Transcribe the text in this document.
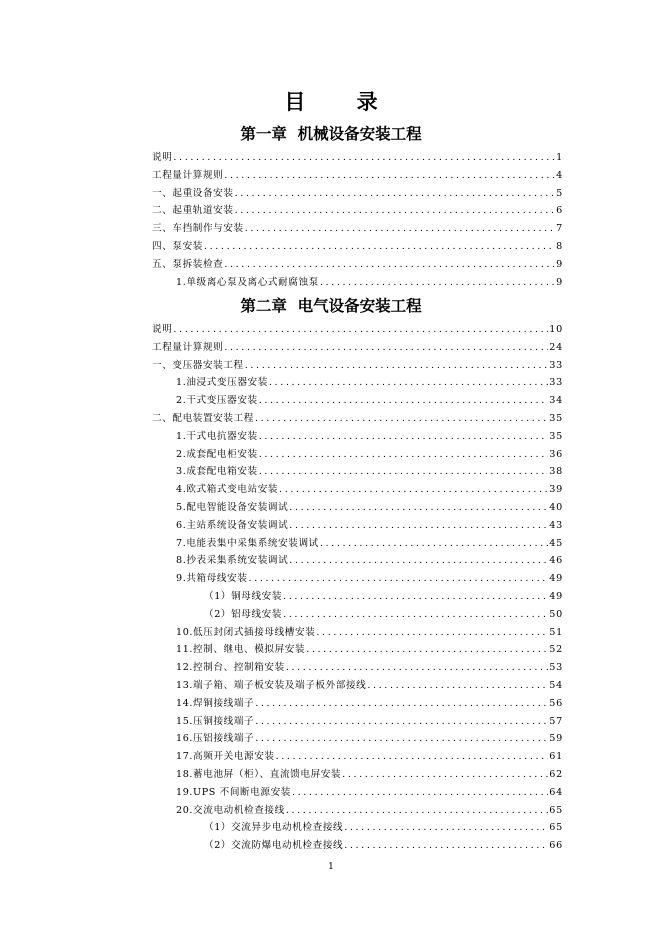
目 录
第一章  机械设备安装工程
说明 .....	1
工程量计算规则 .....	4
一、起重设备安装 .....	5
二、起重轨道安装 .....	6
三、车挡制作与安装 .....	7
四、泵安装 .....	8
五、泵拆装检查 .....	9
1.单级离心泵及离心式耐腐蚀泵 .....	9
第二章  电气设备安装工程
说明 .....	10
工程量计算规则 .....	24
一、变压器安装工程 .....	33
1.油浸式变压器安装 .....	33
2.干式变压器安装 .....	34
二、配电装置安装工程 .....	35
1.干式电抗器安装 .....	35
2.成套配电柜安装 .....	36
3.成套配电箱安装 .....	38
4.欧式箱式变电站安装 .....	39
5.配电智能设备安装调试 .....	40
6.主站系统设备安装调试 .....	43
7.电能表集中采集系统安装调试 .....	45
8.抄表采集系统安装调试 .....	46
9.共箱母线安装 .....	49
（1）铜母线安装 .....	49
（2）铝母线安装 .....	50
10.低压封闭式插接母线槽安装 .....	51
11.控制、继电、模拟屏安装 .....	52
12.控制台、控制箱安装 .....	53
13.端子箱、端子板安装及端子板外部接线 .....	54
14.焊铜接线端子 .....	56
15.压铜接线端子 .....	57
16.压铝接线端子 .....	59
17.高频开关电源安装 .....	61
18.蓄电池屏（柜）、直流馈电屏安装 .....	62
19.UPS 不间断电源安装 .....	64
20.交流电动机检查接线 .....	65
（1）交流异步电动机检查接线 .....	65
（2）交流防爆电动机检查接线 .....	66
1
